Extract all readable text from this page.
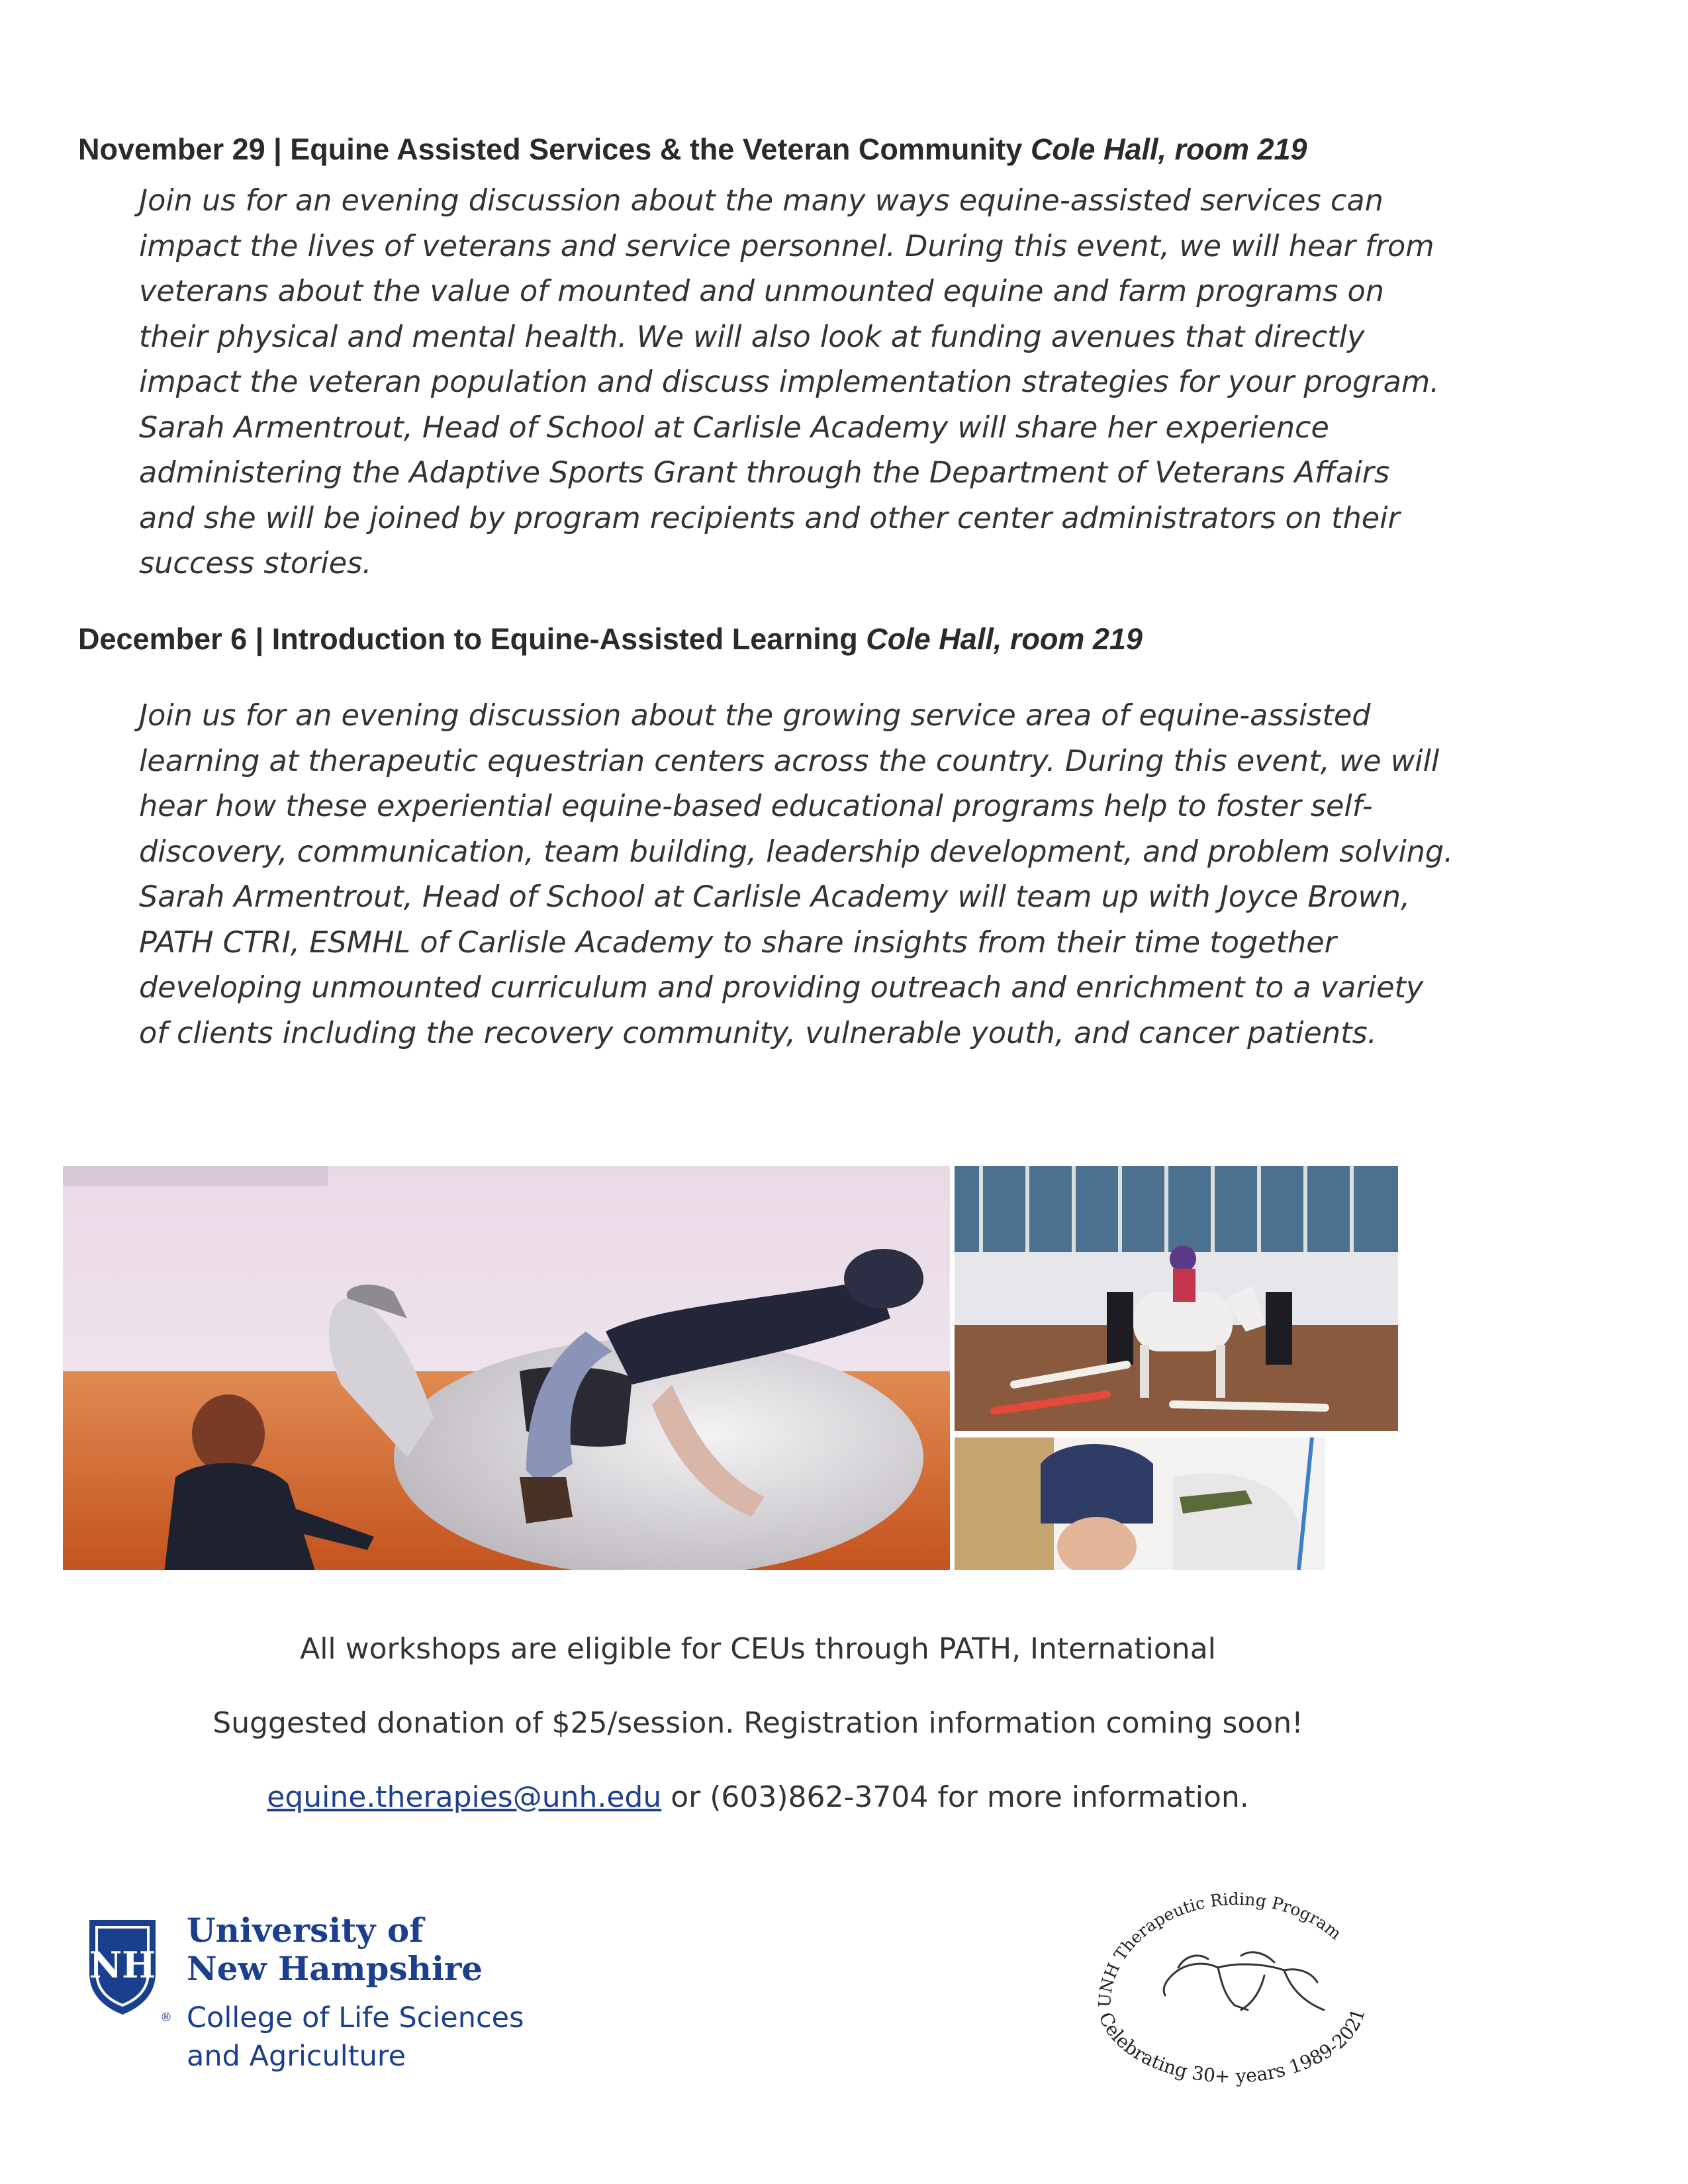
November 29 | Equine Assisted Services & the Veteran Community Cole Hall, room 219
Join us for an evening discussion about the many ways equine-assisted services can
impact the lives of veterans and service personnel. During this event, we will hear from
veterans about the value of mounted and unmounted equine and farm programs on
their physical and mental health. We will also look at funding avenues that directly
impact the veteran population and discuss implementation strategies for your program.
Sarah Armentrout, Head of School at Carlisle Academy will share her experience
administering the Adaptive Sports Grant through the Department of Veterans Affairs
and she will be joined by program recipients and other center administrators on their
success stories.
December 6 | Introduction to Equine-Assisted Learning Cole Hall, room 219
Join us for an evening discussion about the growing service area of equine-assisted
learning at therapeutic equestrian centers across the country. During this event, we will
hear how these experiential equine-based educational programs help to foster self-
discovery, communication, team building, leadership development, and problem solving.
Sarah Armentrout, Head of School at Carlisle Academy will team up with Joyce Brown,
PATH CTRI, ESMHL of Carlisle Academy to share insights from their time together
developing unmounted curriculum and providing outreach and enrichment to a variety
of clients including the recovery community, vulnerable youth, and cancer patients.
All workshops are eligible for CEUs through PATH, International
Suggested donation of $25/session. Registration information coming soon!
equine.therapies@unh.edu or (603)862-3704 for more information.
NH
®
University of
New Hampshire
College of Life Sciences
and Agriculture
UNH Therapeutic Riding Program
Celebrating 30+ years 1989-2021
